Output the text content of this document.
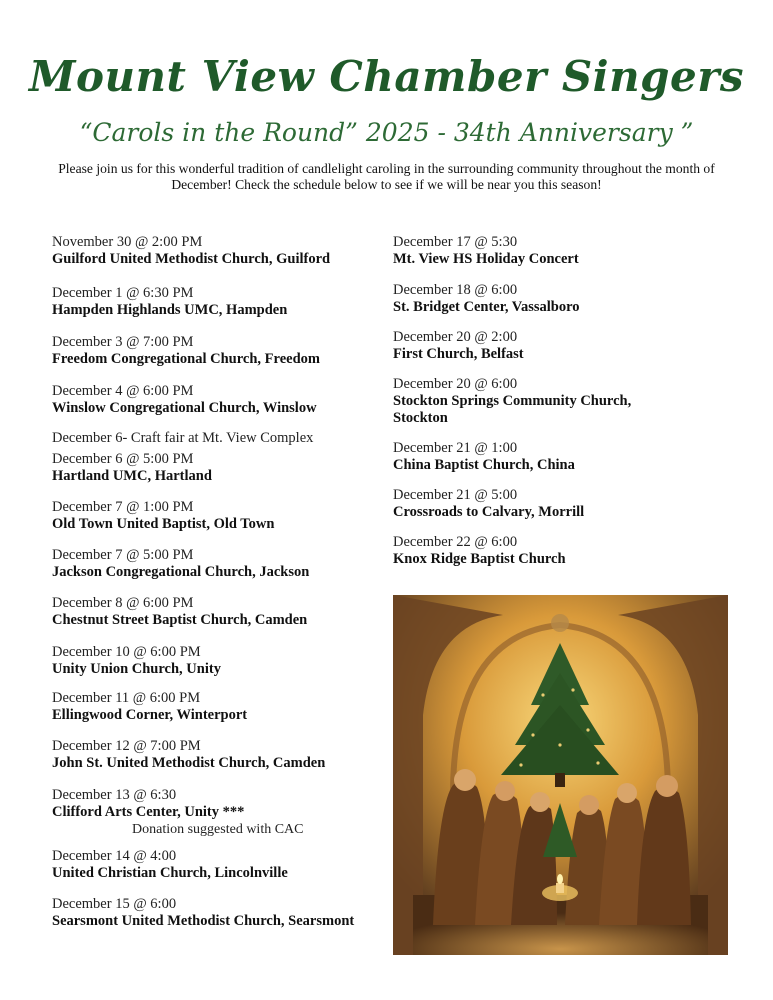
Mount View Chamber Singers
“Carols in the Round” 2025 - 34th Anniversary ”
Please join us for this wonderful tradition of candlelight caroling in the surrounding community throughout the month of December! Check the schedule below to see if we will be near you this season!
November 30 @ 2:00 PM
Guilford United Methodist Church, Guilford
December 1 @ 6:30 PM
Hampden Highlands UMC, Hampden
December 3 @ 7:00 PM
Freedom Congregational Church, Freedom
December 4 @ 6:00 PM
Winslow Congregational Church, Winslow
December 6- Craft fair at Mt. View Complex
December 6 @ 5:00 PM
Hartland UMC, Hartland
December 7 @ 1:00 PM
Old Town United Baptist, Old Town
December 7 @ 5:00 PM
Jackson Congregational Church, Jackson
December 8 @ 6:00 PM
Chestnut Street Baptist Church, Camden
December 10 @ 6:00 PM
Unity Union Church, Unity
December 11 @ 6:00 PM
Ellingwood Corner, Winterport
December 12 @ 7:00 PM
John St. United Methodist Church, Camden
December 13 @ 6:30
Clifford Arts Center, Unity ***
Donation suggested with CAC
December 14 @ 4:00
United Christian Church, Lincolnville
December 15 @ 6:00
Searsmont United Methodist Church, Searsmont
December 17 @ 5:30
Mt. View HS Holiday Concert
December 18 @ 6:00
St. Bridget Center, Vassalboro
December 20 @ 2:00
First Church, Belfast
December 20 @ 6:00
Stockton Springs Community Church, Stockton
December 21 @ 1:00
China Baptist Church, China
December 21 @ 5:00
Crossroads to Calvary, Morrill
December 22 @ 6:00
Knox Ridge Baptist Church
